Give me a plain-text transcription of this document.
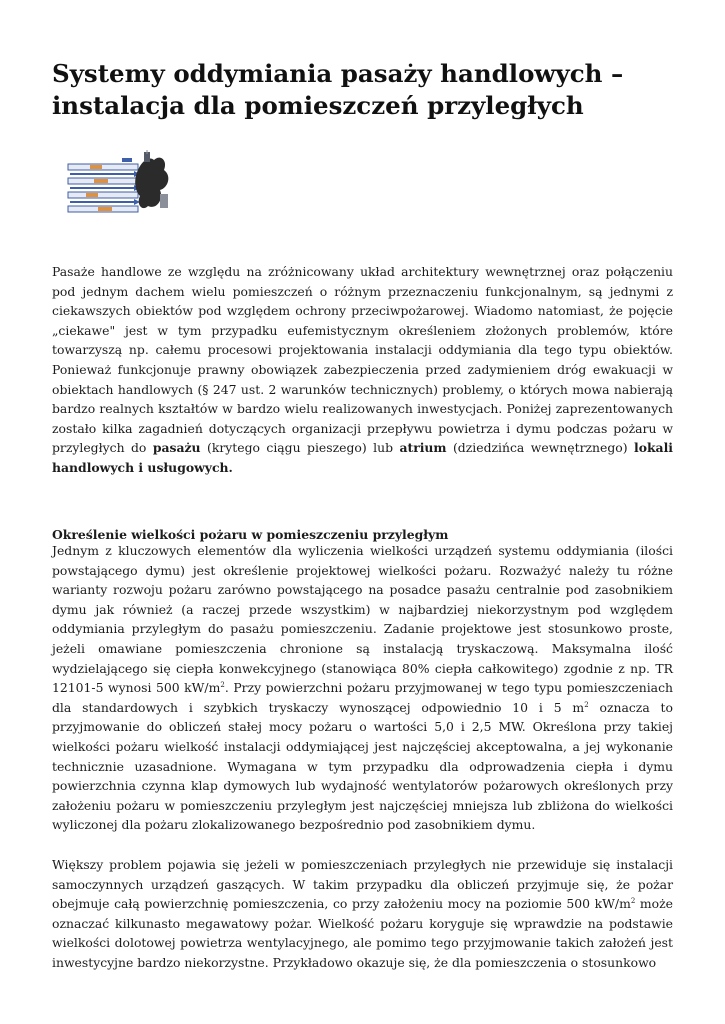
Systemy oddymiania pasaży handlowych – instalacja dla pomieszczeń przyległych

Pasaże handlowe ze względu na zróżnicowany układ architektury wewnętrznej oraz połączeniu pod jednym dachem wielu pomieszczeń o różnym przeznaczeniu funkcjonalnym, są jednymi z ciekawszych obiektów pod względem ochrony przeciwpożarowej. Wiadomo natomiast, że pojęcie „ciekawe" jest w tym przypadku eufemistycznym określeniem złożonych problemów, które towarzyszą np. całemu procesowi projektowania instalacji oddymiania dla tego typu obiektów. Ponieważ funkcjonuje prawny obowiązek zabezpieczenia przed zadymieniem dróg ewakuacji w obiektach handlowych (§ 247 ust. 2 warunków technicznych) problemy, o których mowa nabierają bardzo realnych kształtów w bardzo wielu realizowanych inwestycjach. Poniżej zaprezentowanych zostało kilka zagadnień dotyczących organizacji przepływu powietrza i dymu podczas pożaru w przyległych do pasażu (krytego ciągu pieszego) lub atrium (dziedzińca wewnętrznego) lokali handlowych i usługowych.

Określenie wielkości pożaru w pomieszczeniu przyległym

Jednym z kluczowych elementów dla wyliczenia wielkości urządzeń systemu oddymiania (ilości powstającego dymu) jest określenie projektowej wielkości pożaru. Rozważyć należy tu różne warianty rozwoju pożaru zarówno powstającego na posadce pasażu centralnie pod zasobnikiem dymu jak również (a raczej przede wszystkim) w najbardziej niekorzystnym pod względem oddymiania przyległym do pasażu pomieszczeniu. Zadanie projektowe jest stosunkowo proste, jeżeli omawiane pomieszczenia chronione są instalacją tryskaczową. Maksymalna ilość wydzielającego się ciepła konwekcyjnego (stanowiąca 80% ciepła całkowitego) zgodnie z np. TR 12101-5 wynosi 500 $kW/m^2$. Przy powierzchni pożaru przyjmowanej w tego typu pomieszczeniach dla standardowych i szybkich tryskaczy wynoszącej odpowiednio 10 i 5 $m^2$ oznacza to przyjmowanie do obliczeń stałej mocy pożaru o wartości 5,0 i 2,5 MW. Określona przy takiej wielkości pożaru wielkość instalacji oddymiającej jest najczęściej akceptowalna, a jej wykonanie technicznie uzasadnione. Wymagana w tym przypadku dla odprowadzenia ciepła i dymu powierzchnia czynna klap dymowych lub wydajność wentylatorów pożarowych określonych przy założeniu pożaru w pomieszczeniu przyległym jest najczęściej mniejsza lub zbliżona do wielkości wyliczonej dla pożaru zlokalizowanego bezpośrednio pod zasobnikiem dymu.

Większy problem pojawia się jeżeli w pomieszczeniach przyległych nie przewiduje się instalacji samoczynnych urządzeń gaszących. W takim przypadku dla obliczeń przyjmuje się, że pożar obejmuje całą powierzchnię pomieszczenia, co przy założeniu mocy na poziomie 500 $kW/m^2$ może oznaczać kilkunasto megawatowy pożar. Wielkość pożaru koryguje się wprawdzie na podstawie wielkości dolotowej powietrza wentylacyjnego, ale pomimo tego przyjmowanie takich założeń jest inwestycyjne bardzo niekorzystne. Przykładowo okazuje się, że dla pomieszczenia o stosunkowo
